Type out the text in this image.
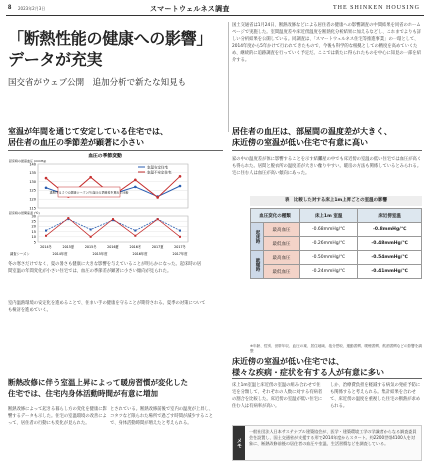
8 2023年2月3日	スマートウェルネス調査	THE SHINKEN HOUSING
「断熱性能の健康への影響」
データが充実
国交省がウェブ公開　追加分析で新たな知見も
国土交通省は1月24日、断熱改修などによる居住者の健康への影響調査の中間結果を同省のホームページで実施した。室間温度差や床近傍温度を断熱化分析結果に加えるなどし、これまでよりも詳しい分析結果を公開している。同調査は、「スマートウェルネス住宅等推進事業」の一環として、2014年度から5年かけて行われてきたもので、今後も科学的な根拠としての精度を高めていくため、継続的に追跡調査を行っていく予定だ。ここでは新たに得られたものを中心に知見の一部を紹介する。
室温が年間を通じて安定している住宅では、
居住者の血圧の季節差が顕著に小さい
血圧の季節変動
115
120
125
130
135
140
5
10
15
20
25
30
起床時の最高血圧 (mmHg)
起床時の居間室温 (℃)
室温安定住宅
室温不安定住宅
満期する２つの調査シーズン内 血圧の季節差を算出と比較
2014冬	2015夏	2015冬	2016夏	2016冬	2017夏	2017冬
調査シーズン	2014年度	2015年度	2016年度	2017年度
冬の寒さだけでなく、夏の暑さも健康に大きな影響を与えていることが明らかになった。起床時の居間室温の年間変化が小さい住宅では、血圧の季節差が顕著に小さい傾向が見られた。
断熱改修に伴う室温上昇によって暖房習慣が変化した
住宅では、住宅内身体活動時間が有意に増加
断熱改修によって起きる暮らし方の変化を健康に影響するデータも示した。住宅の室温環境の改善によって、居住者の行動にも変化が見られた。
とされている。断熱改修前後で室内の温度が上昇し、コタツなど限られた場所で過ごす時間が減少することで、身体活動時間が増えたと考えられる。
室内温熱環境の安定化を進めることで、住まい手の健康を守ることが期待される。夏季の対策についても検討を進めていく。
居住者の血圧は、部屋間の温度差が大きく、
床近傍の室温が低い住宅で有意に高い
家の中の温度差が体に影響することを示す結果も得られた。居間と脱衣所の温度差が大きい住宅に住む人は血圧が高い傾向にあった。
部屋の中でも床近傍の室温の低い住宅では血圧が高くなりやすい。暖房の方法も関係しているとみられる。
表　比較した対する床上1m上昇ごとの室温の影響
血圧変化の種類		床上1m 室温	床近傍室温
起床時	最高血圧	-0.68mmHg/℃	-0.8mmHg/℃
	最低血圧	-0.26mmHg/℃	-0.48mmHg/℃
就寝時	最高血圧	-0.50mmHg/℃	-0.54mmHg/℃
	最低血圧	-0.24mmHg/℃	-0.41mmHg/℃
※年齢、性別、世帯年収、血圧の薬、居住地域、塩分摂取、運動習慣、喫煙習慣、飲酒習慣などの影響を調整
床近傍の室温が低い住宅では、
様々な疾病・症状を有する人が有意に多い
床上1m室温と床近傍の室温の組み合わせで住宅を分類して、それぞれの人数に対する有病者の割合を比較した。床近傍の室温が低い住宅に住む人は有病率が高い。
しか、治療費負担を軽減する病気の発症予防にも関係すると考えられる。集計結果を合わせて、床近傍の温度を重視した住宅の断熱が求められる。
メモ
一般社団法人日本サステナブル建築協会が、医学・建築環境工学の学識者からなる調査委員会を設置し、国土交通省が支援する形で2014年度からスタート。約2200世帯4100人を対象に、断熱改修前後の居住者の血圧や室温、生活習慣などを調査している。
